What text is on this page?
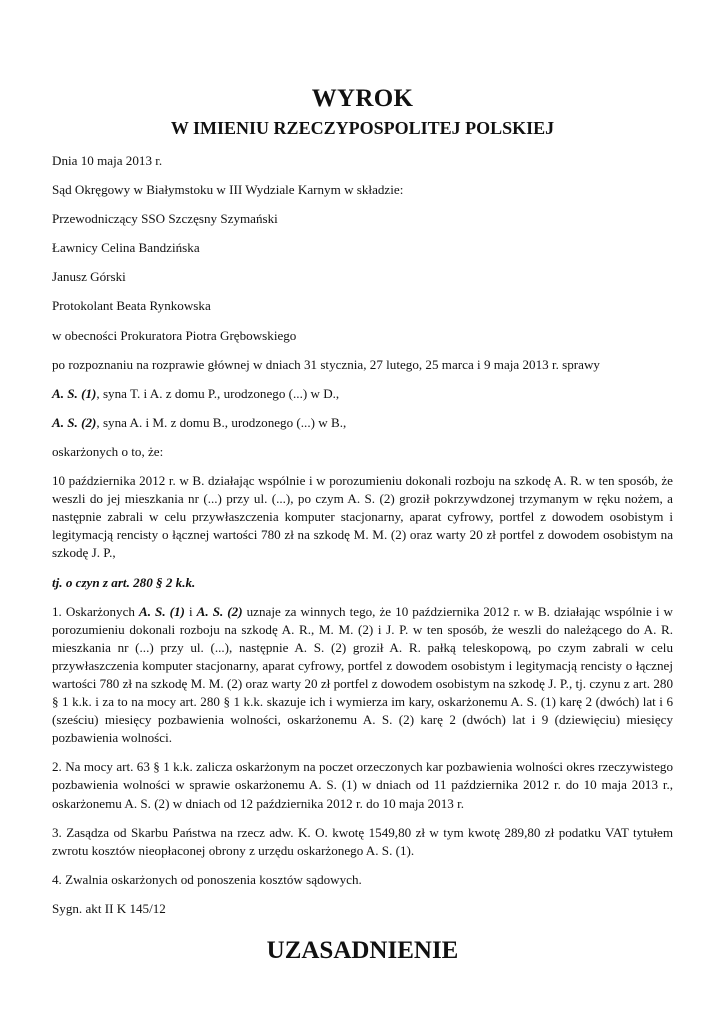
WYROK
W IMIENIU RZECZYPOSPOLITEJ POLSKIEJ

Dnia 10 maja 2013 r.

Sąd Okręgowy w Białymstoku w III Wydziale Karnym w składzie:

Przewodniczący SSO Szczęsny Szymański

Ławnicy Celina Bandzińska

Janusz Górski

Protokolant Beata Rynkowska

w obecności Prokuratora Piotra Grębowskiego

po rozpoznaniu na rozprawie głównej w dniach 31 stycznia, 27 lutego, 25 marca i 9 maja 2013 r. sprawy

A. S. (1), syna T. i A. z domu P., urodzonego (...) w D.,

A. S. (2), syna A. i M. z domu B., urodzonego (...) w B.,

oskarżonych o to, że:

10 października 2012 r. w B. działając wspólnie i w porozumieniu dokonali rozboju na szkodę A. R. w ten sposób, że weszli do jej mieszkania nr (...) przy ul. (...), po czym A. S. (2) groził pokrzywdzonej trzymanym w ręku nożem, a następnie zabrali w celu przywłaszczenia komputer stacjonarny, aparat cyfrowy, portfel z dowodem osobistym i legitymacją rencisty o łącznej wartości 780 zł na szkodę M. M. (2) oraz warty 20 zł portfel z dowodem osobistym na szkodę J. P.,

tj. o czyn z art. 280 § 2 k.k.

1. Oskarżonych A. S. (1) i A. S. (2) uznaje za winnych tego, że 10 października 2012 r. w B. działając wspólnie i w porozumieniu dokonali rozboju na szkodę A. R., M. M. (2) i J. P. w ten sposób, że weszli do należącego do A. R. mieszkania nr (...) przy ul. (...), następnie A. S. (2) groził A. R. pałką teleskopową, po czym zabrali w celu przywłaszczenia komputer stacjonarny, aparat cyfrowy, portfel z dowodem osobistym i legitymacją rencisty o łącznej wartości 780 zł na szkodę M. M. (2) oraz warty 20 zł portfel z dowodem osobistym na szkodę J. P., tj. czynu z art. 280 § 1 k.k. i za to na mocy art. 280 § 1 k.k. skazuje ich i wymierza im kary, oskarżonemu A. S. (1) karę 2 (dwóch) lat i 6 (sześciu) miesięcy pozbawienia wolności, oskarżonemu A. S. (2) karę 2 (dwóch) lat i 9 (dziewięciu) miesięcy pozbawienia wolności.

2. Na mocy art. 63 § 1 k.k. zalicza oskarżonym na poczet orzeczonych kar pozbawienia wolności okres rzeczywistego pozbawienia wolności w sprawie oskarżonemu A. S. (1) w dniach od 11 października 2012 r. do 10 maja 2013 r., oskarżonemu A. S. (2) w dniach od 12 października 2012 r. do 10 maja 2013 r.

3. Zasądza od Skarbu Państwa na rzecz adw. K. O. kwotę 1549,80 zł w tym kwotę 289,80 zł podatku VAT tytułem zwrotu kosztów nieopłaconej obrony z urzędu oskarżonego A. S. (1).

4. Zwalnia oskarżonych od ponoszenia kosztów sądowych.

Sygn. akt II K 145/12

UZASADNIENIE
